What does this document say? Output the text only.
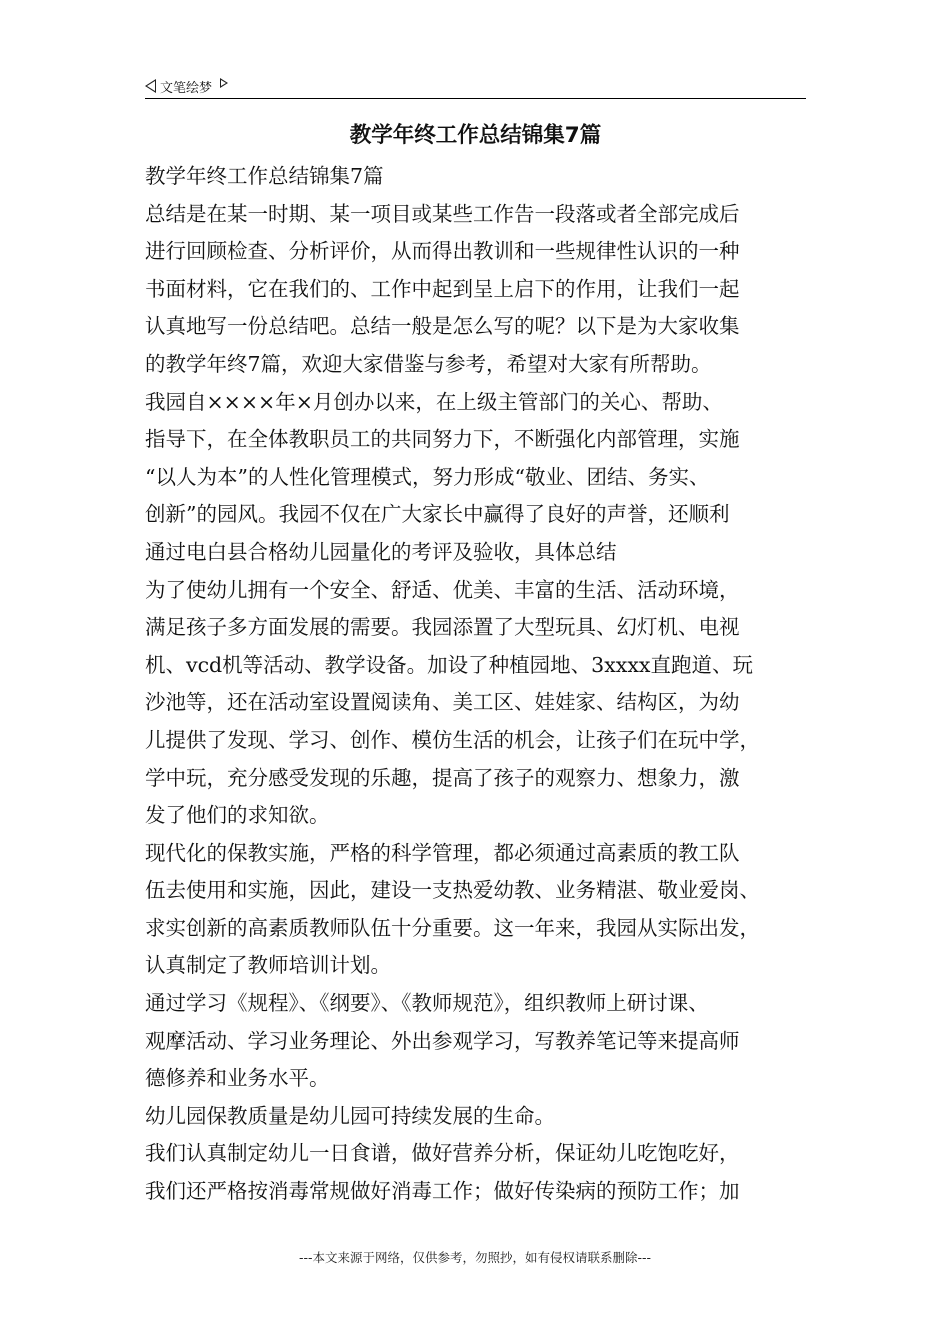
文笔绘梦
教学年终工作总结锦集7篇

教学年终工作总结锦集7篇

总结是在某一时期、某一项目或某些工作告一段落或者全部完成后
进行回顾检查、分析评价，从而得出教训和一些规律性认识的一种
书面材料，它在我们的、工作中起到呈上启下的作用，让我们一起
认真地写一份总结吧。总结一般是怎么写的呢？以下是为大家收集
的教学年终7篇，欢迎大家借鉴与参考，希望对大家有所帮助。

我园自××××年×月创办以来，在上级主管部门的关心、帮助、
指导下，在全体教职员工的共同努力下，不断强化内部管理，实施
“以人为本”的人性化管理模式，努力形成“敬业、团结、务实、
创新”的园风。我园不仅在广大家长中赢得了良好的声誉，还顺利
通过电白县合格幼儿园量化的考评及验收，具体总结

为了使幼儿拥有一个安全、舒适、优美、丰富的生活、活动环境，
满足孩子多方面发展的需要。我园添置了大型玩具、幻灯机、电视
机、vcd机等活动、教学设备。加设了种植园地、3xxxx直跑道、玩
沙池等，还在活动室设置阅读角、美工区、娃娃家、结构区，为幼
儿提供了发现、学习、创作、模仿生活的机会，让孩子们在玩中学，
学中玩，充分感受发现的乐趣，提高了孩子的观察力、想象力，激
发了他们的求知欲。

现代化的保教实施，严格的科学管理，都必须通过高素质的教工队
伍去使用和实施，因此，建设一支热爱幼教、业务精湛、敬业爱岗、
求实创新的高素质教师队伍十分重要。这一年来，我园从实际出发，
认真制定了教师培训计划。

通过学习《规程》、《纲要》、《教师规范》，组织教师上研讨课、
观摩活动、学习业务理论、外出参观学习，写教养笔记等来提高师
德修养和业务水平。

幼儿园保教质量是幼儿园可持续发展的生命。

我们认真制定幼儿一日食谱，做好营养分析，保证幼儿吃饱吃好，
我们还严格按消毒常规做好消毒工作；做好传染病的预防工作；加

---本文来源于网络，仅供参考，勿照抄，如有侵权请联系删除---
